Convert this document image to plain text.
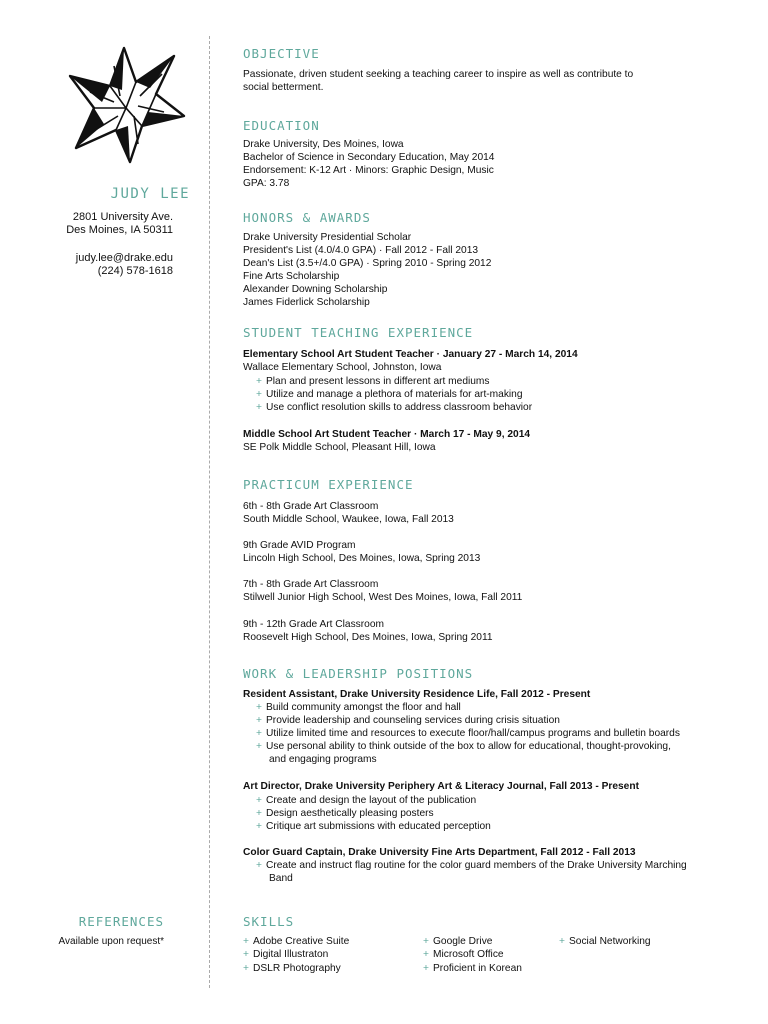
JUDY LEE
2801 University Ave.
Des Moines, IA 50311
judy.lee@drake.edu
(224) 578-1618
REFERENCES
Available upon request*
OBJECTIVE
Passionate, driven student seeking a teaching career to inspire as well as contribute to
social betterment.
EDUCATION
Drake University, Des Moines, Iowa
Bachelor of Science in Secondary Education, May 2014
Endorsement: K-12 Art · Minors: Graphic Design, Music
GPA: 3.78
HONORS & AWARDS
Drake University Presidential Scholar
President's List (4.0/4.0 GPA) · Fall 2012 - Fall 2013
Dean's List (3.5+/4.0 GPA) · Spring 2010 - Spring 2012
Fine Arts Scholarship
Alexander Downing Scholarship
James Fiderlick Scholarship
STUDENT TEACHING EXPERIENCE
Elementary School Art Student Teacher · January 27 - March 14, 2014
Wallace Elementary School, Johnston, Iowa
+ Plan and present lessons in different art mediums
+ Utilize and manage a plethora of materials for art-making
+ Use conflict resolution skills to address classroom behavior
Middle School Art Student Teacher · March 17 - May 9, 2014
SE Polk Middle School, Pleasant Hill, Iowa
PRACTICUM EXPERIENCE
6th - 8th Grade Art Classroom
South Middle School, Waukee, Iowa, Fall 2013
9th Grade AVID Program
Lincoln High School, Des Moines, Iowa, Spring 2013
7th - 8th Grade Art Classroom
Stilwell Junior High School, West Des Moines, Iowa, Fall 2011
9th - 12th Grade Art Classroom
Roosevelt High School, Des Moines, Iowa, Spring 2011
WORK & LEADERSHIP POSITIONS
Resident Assistant, Drake University Residence Life, Fall 2012 - Present
+ Build community amongst the floor and hall
+ Provide leadership and counseling services during crisis situation
+ Utilize limited time and resources to execute floor/hall/campus programs and bulletin boards
+ Use personal ability to think outside of the box to allow for educational, thought-provoking,
and engaging programs
Art Director, Drake University Periphery Art & Literacy Journal, Fall 2013 - Present
+ Create and design the layout of the publication
+ Design aesthetically pleasing posters
+ Critique art submissions with educated perception
Color Guard Captain, Drake University Fine Arts Department, Fall 2012 - Fall 2013
+ Create and instruct flag routine for the color guard members of the Drake University Marching
Band
SKILLS
+ Adobe Creative Suite
+ Digital Illustraton
+ DSLR Photography
+ Google Drive
+ Microsoft Office
+ Proficient in Korean
+ Social Networking
